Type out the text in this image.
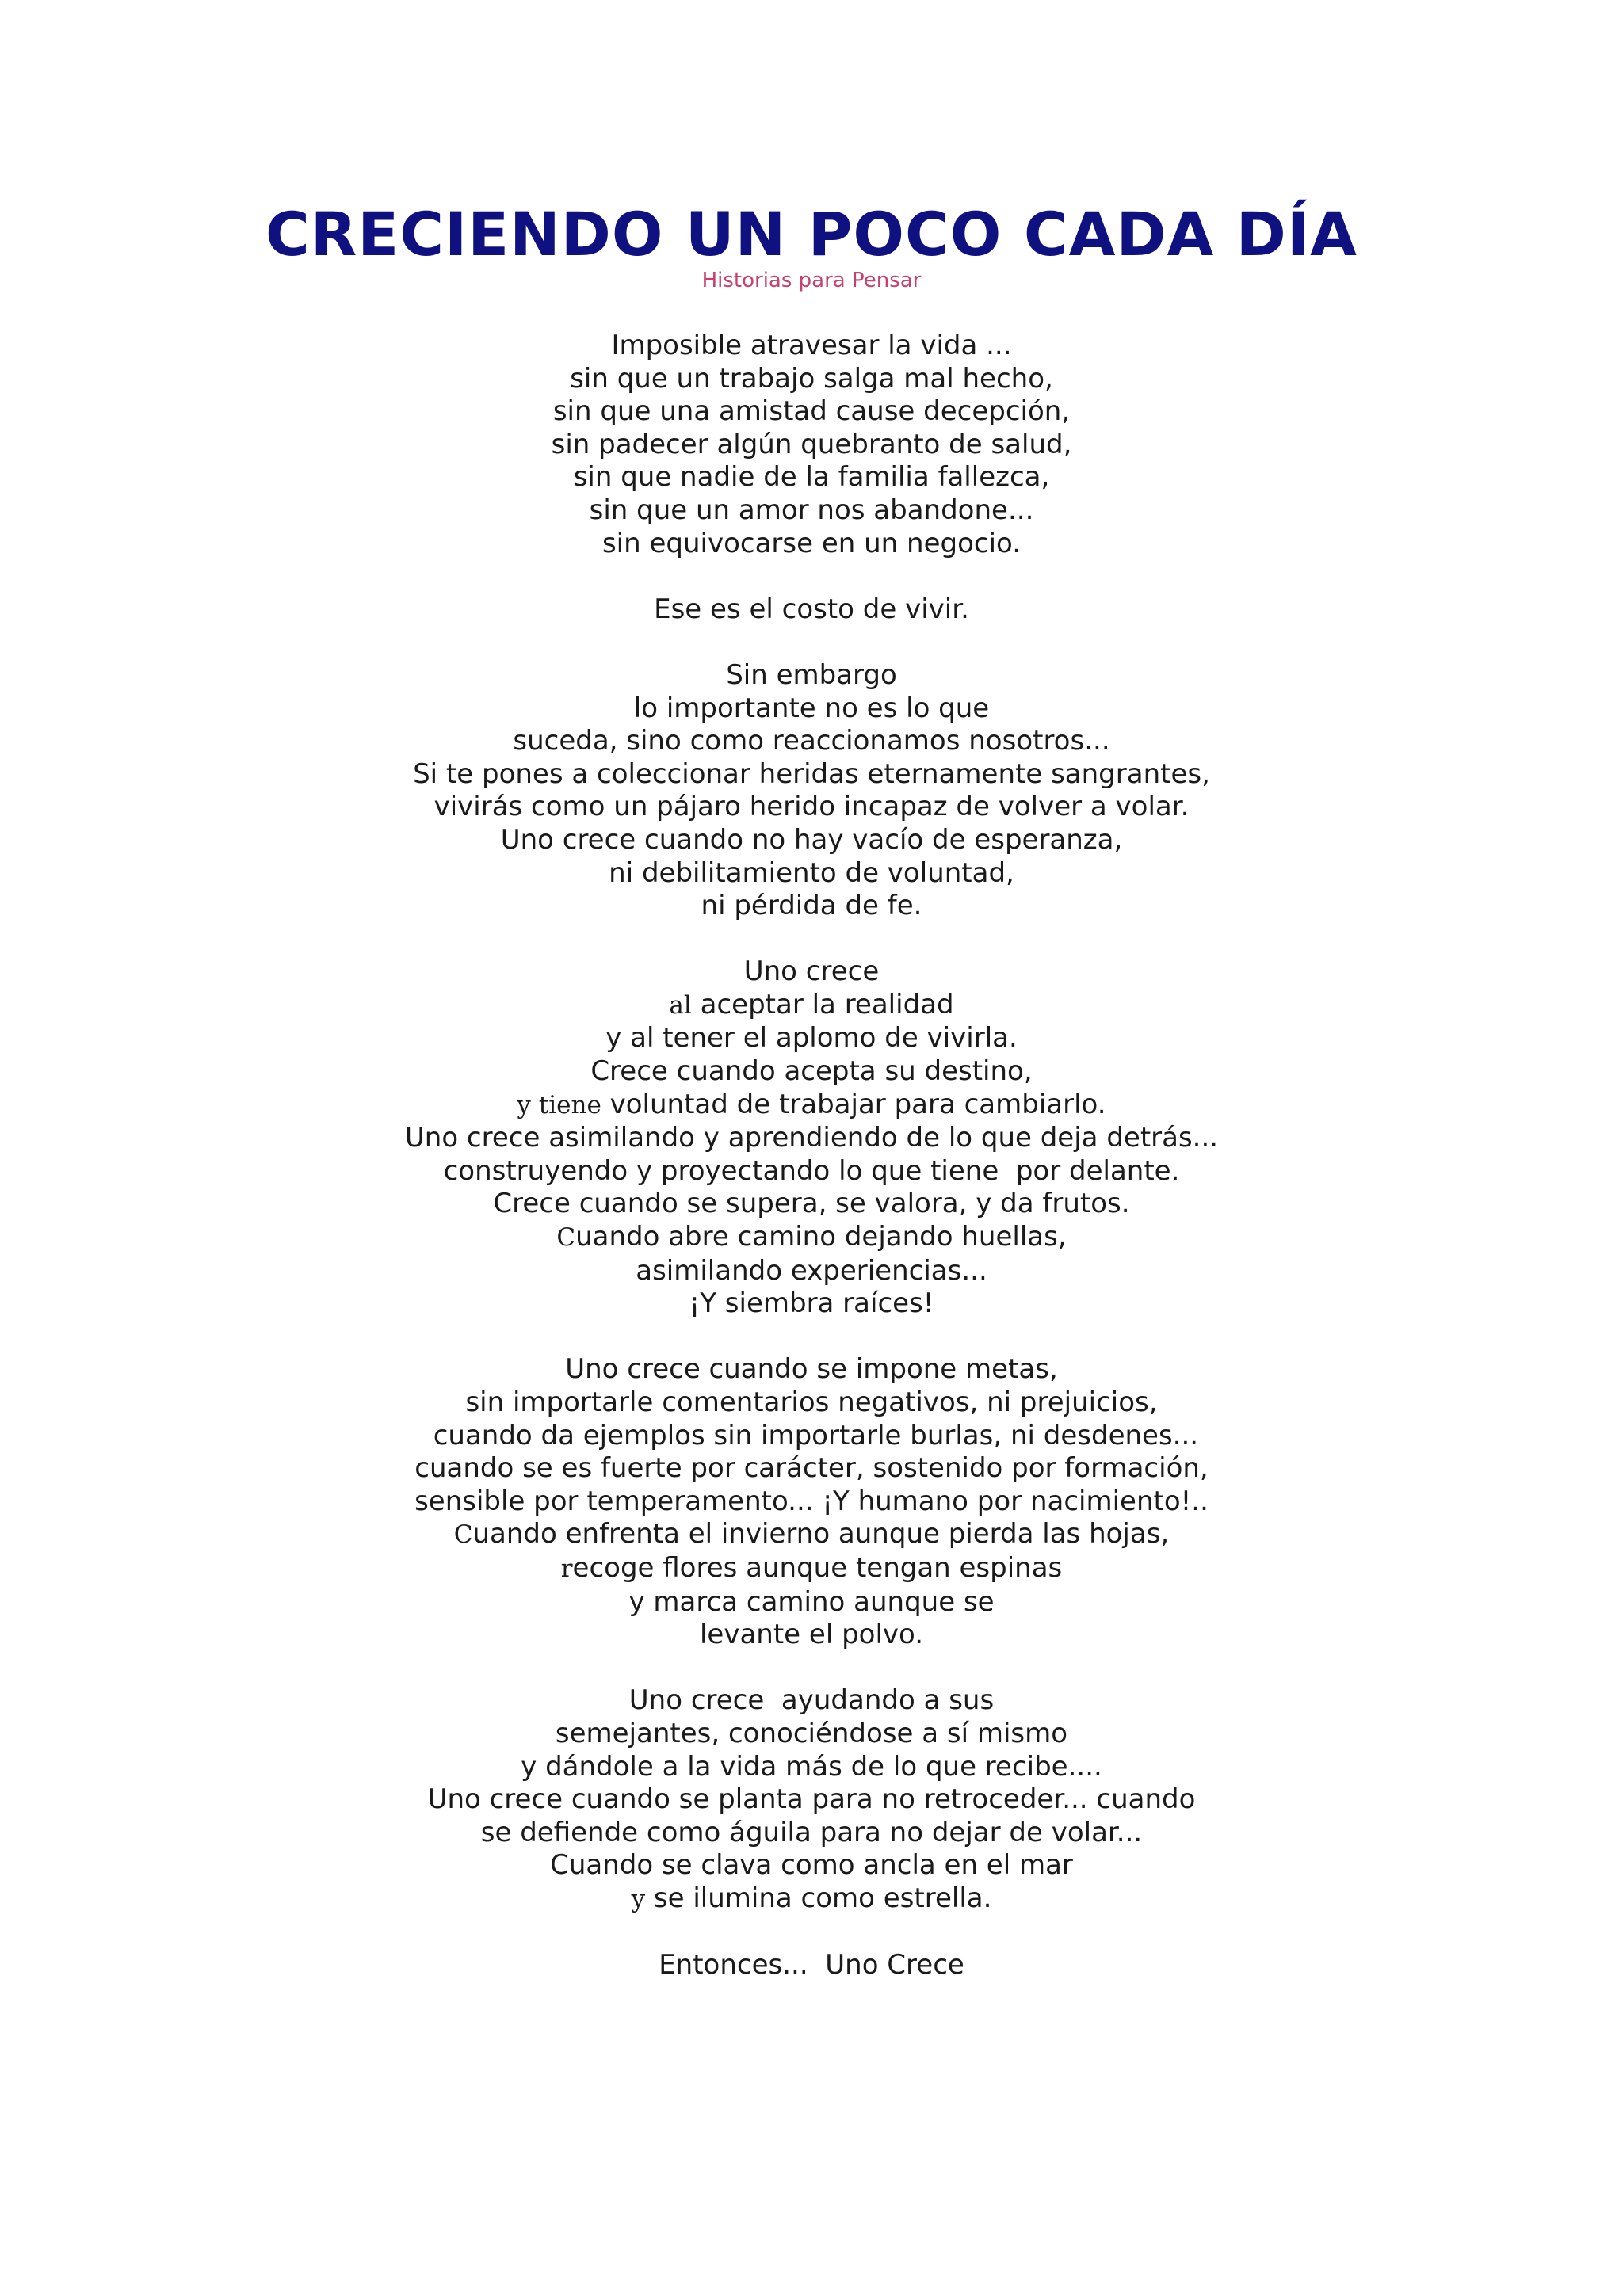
CRECIENDO UN POCO CADA DÍA

Historias para Pensar

Imposible atravesar la vida ...
sin que un trabajo salga mal hecho,
sin que una amistad cause decepción,
sin padecer algún quebranto de salud,
sin que nadie de la familia fallezca,
sin que un amor nos abandone...
sin equivocarse en un negocio.
Ese es el costo de vivir.
Sin embargo
lo importante no es lo que
suceda, sino como reaccionamos nosotros...
Si te pones a coleccionar heridas eternamente sangrantes,
vivirás como un pájaro herido incapaz de volver a volar.
Uno crece cuando no hay vacío de esperanza,
ni debilitamiento de voluntad,
ni pérdida de fe.
Uno crece
al aceptar la realidad
y al tener el aplomo de vivirla.
Crece cuando acepta su destino,
y tiene voluntad de trabajar para cambiarlo.
Uno crece asimilando y aprendiendo de lo que deja detrás...
construyendo y proyectando lo que tiene  por delante.
Crece cuando se supera, se valora, y da frutos.
Cuando abre camino dejando huellas,
asimilando experiencias...
¡Y siembra raíces!
Uno crece cuando se impone metas,
sin importarle comentarios negativos, ni prejuicios,
cuando da ejemplos sin importarle burlas, ni desdenes...
cuando se es fuerte por carácter, sostenido por formación,
sensible por temperamento... ¡Y humano por nacimiento!..
Cuando enfrenta el invierno aunque pierda las hojas,
recoge flores aunque tengan espinas
y marca camino aunque se
levante el polvo.
Uno crece  ayudando a sus
semejantes, conociéndose a sí mismo
y dándole a la vida más de lo que recibe....
Uno crece cuando se planta para no retroceder... cuando
se defiende como águila para no dejar de volar...
Cuando se clava como ancla en el mar
y se ilumina como estrella.
Entonces...  Uno Crece
